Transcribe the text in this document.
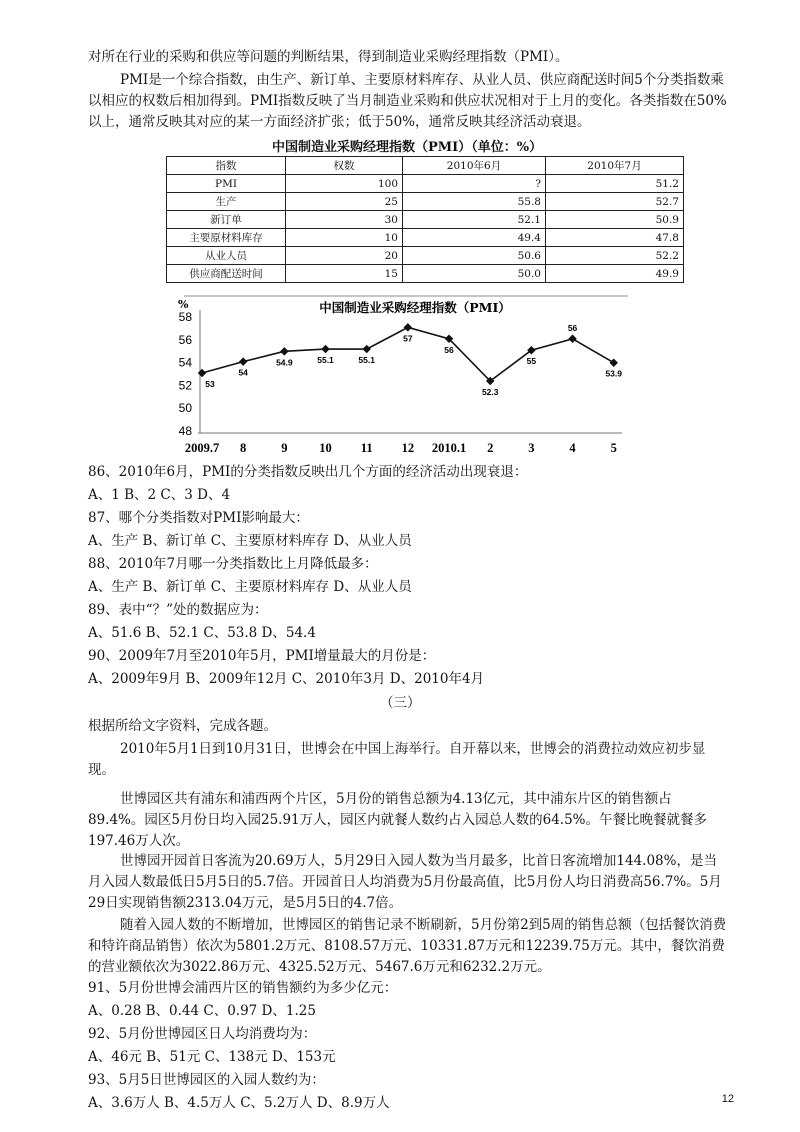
对所在行业的采购和供应等问题的判断结果，得到制造业采购经理指数（PMI）。
PMI是一个综合指数，由生产、新订单、主要原材料库存、从业人员、供应商配送时间5个分类指数乘以相应的权数后相加得到。PMI指数反映了当月制造业采购和供应状况相对于上月的变化。各类指数在50%以上，通常反映其对应的某一方面经济扩张；低于50%，通常反映其经济活动衰退。
中国制造业采购经理指数（PMI）（单位：%）
指数	权数	2010年6月	2010年7月
PMI	100	?	51.2
生产	25	55.8	52.7
新订单	30	52.1	50.9
主要原材料库存	10	49.4	47.8
从业人员	20	50.6	52.2
供应商配送时间	15	50.0	49.9
中国制造业采购经理指数（PMI）
%
48
50
52
54
56
58
2009.7 8	9	10 11 12 2010.1 2	3	4	5
53
54
54.9	55.1	55.1
57
56
52.3
55
56
53.9
86、2010年6月，PMI的分类指数反映出几个方面的经济活动出现衰退：
A、1 B、2 C、3 D、4
87、哪个分类指数对PMI影响最大：
A、生产 B、新订单 C、主要原材料库存 D、从业人员
88、2010年7月哪一分类指数比上月降低最多：
A、生产 B、新订单 C、主要原材料库存 D、从业人员
89、表中“？”处的数据应为：
A、51.6 B、52.1 C、53.8 D、54.4
90、2009年7月至2010年5月，PMI增量最大的月份是：
A、2009年9月 B、2009年12月 C、2010年3月 D、2010年4月
（三）
根据所给文字资料，完成各题。
2010年5月1日到10月31日，世博会在中国上海举行。自开幕以来，世博会的消费拉动效应初步显现。
世博园区共有浦东和浦西两个片区，5月份的销售总额为4.13亿元，其中浦东片区的销售额占89.4%。园区5月份日均入园25.91万人，园区内就餐人数约占入园总人数的64.5%。午餐比晚餐就餐多197.46万人次。
世博园开园首日客流为20.69万人，5月29日入园人数为当月最多，比首日客流增加144.08%，是当月入园人数最低日5月5日的5.7倍。开园首日人均消费为5月份最高值，比5月份人均日消费高56.7%。5月29日实现销售额2313.04万元，是5月5日的4.7倍。
随着入园人数的不断增加，世博园区的销售记录不断刷新，5月份第2到5周的销售总额（包括餐饮消费和特许商品销售）依次为5801.2万元、8108.57万元、10331.87万元和12239.75万元。其中，餐饮消费的营业额依次为3022.86万元、4325.52万元、5467.6万元和6232.2万元。
91、5月份世博会浦西片区的销售额约为多少亿元：
A、0.28 B、0.44 C、0.97 D、1.25
92、5月份世博园区日人均消费均为：
A、46元 B、51元 C、138元 D、153元
93、5月5日世博园区的入园人数约为：
A、3.6万人 B、4.5万人 C、5.2万人 D、8.9万人	12
